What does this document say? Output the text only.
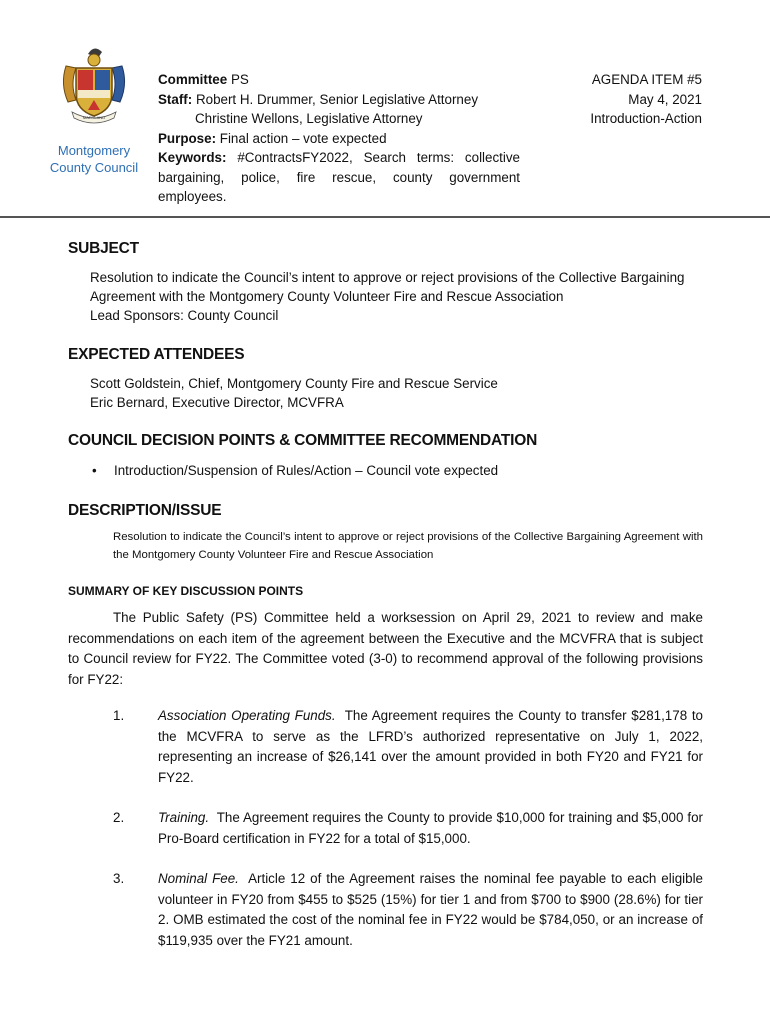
MARYLAND
Montgomery
County Council
Committee PS
Staff: Robert H. Drummer, Senior Legislative Attorney
Christine Wellons, Legislative Attorney
Purpose: Final action – vote expected
Keywords: #ContractsFY2022, Search terms: collective bargaining, police, fire rescue, county government employees.
AGENDA ITEM #5
May 4, 2021
Introduction-Action
SUBJECT
Resolution to indicate the Council’s intent to approve or reject provisions of the Collective Bargaining
Agreement with the Montgomery County Volunteer Fire and Rescue Association
Lead Sponsors: County Council
EXPECTED ATTENDEES
Scott Goldstein, Chief, Montgomery County Fire and Rescue Service
Eric Bernard, Executive Director, MCVFRA
COUNCIL DECISION POINTS & COMMITTEE RECOMMENDATION
• Introduction/Suspension of Rules/Action – Council vote expected
DESCRIPTION/ISSUE
Resolution to indicate the Council’s intent to approve or reject provisions of the Collective Bargaining Agreement with the Montgomery County Volunteer Fire and Rescue Association
SUMMARY OF KEY DISCUSSION POINTS
The Public Safety (PS) Committee held a worksession on April 29, 2021 to review and make recommendations on each item of the agreement between the Executive and the MCVFRA that is subject to Council review for FY22. The Committee voted (3-0) to recommend approval of the following provisions for FY22:
1.	Association Operating Funds. The Agreement requires the County to transfer $281,178 to the MCVFRA to serve as the LFRD’s authorized representative on July 1, 2022, representing an increase of $26,141 over the amount provided in both FY20 and FY21 for FY22.
2.	Training. The Agreement requires the County to provide $10,000 for training and $5,000 for Pro-Board certification in FY22 for a total of $15,000.
3.	Nominal Fee. Article 12 of the Agreement raises the nominal fee payable to each eligible volunteer in FY20 from $455 to $525 (15%) for tier 1 and from $700 to $900 (28.6%) for tier 2. OMB estimated the cost of the nominal fee in FY22 would be $784,050, or an increase of $119,935 over the FY21 amount.
